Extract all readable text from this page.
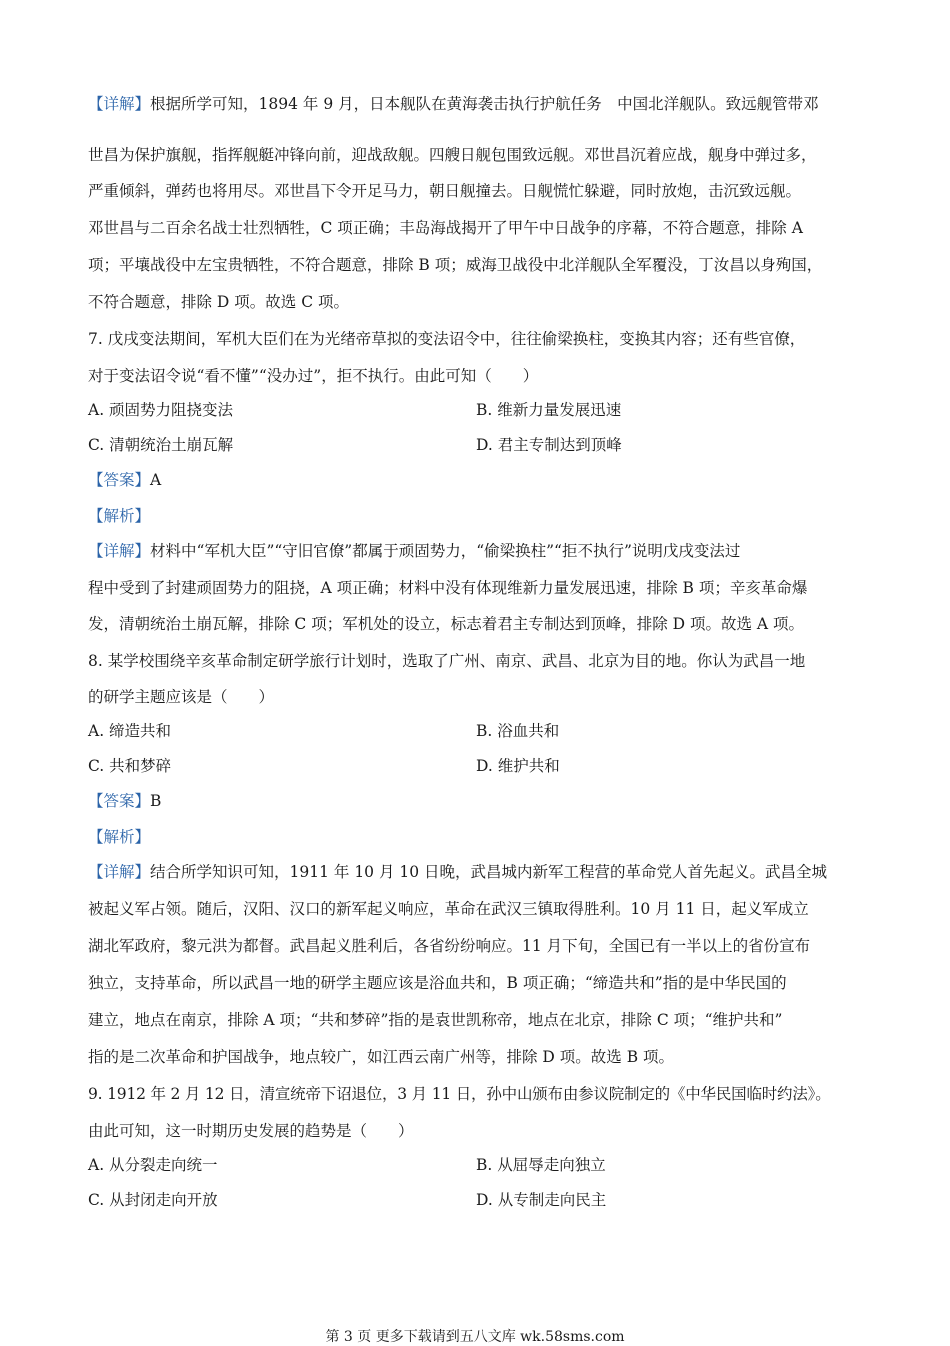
【详解】根据所学可知，1894 年 9 月，日本舰队在黄海袭击执行护航任务　中国北洋舰队。致远舰管带邓
世昌为保护旗舰，指挥舰艇冲锋向前，迎战敌舰。四艘日舰包围致远舰。邓世昌沉着应战，舰身中弹过多，
严重倾斜，弹药也将用尽。邓世昌下令开足马力，朝日舰撞去。日舰慌忙躲避，同时放炮，击沉致远舰。
邓世昌与二百余名战士壮烈牺牲，C 项正确；丰岛海战揭开了甲午中日战争的序幕，不符合题意，排除 A
项；平壤战役中左宝贵牺牲，不符合题意，排除 B 项；威海卫战役中北洋舰队全军覆没，丁汝昌以身殉国，
不符合题意，排除 D 项。故选 C 项。
7. 戊戌变法期间，军机大臣们在为光绪帝草拟的变法诏令中，往往偷梁换柱，变换其内容；还有些官僚，
对于变法诏令说“看不懂”“没办过”，拒不执行。由此可知（　　）
A. 顽固势力阻挠变法	B. 维新力量发展迅速
C. 清朝统治土崩瓦解	D. 君主专制达到顶峰
【答案】A
【解析】
【详解】材料中“军机大臣”“守旧官僚”都属于顽固势力，“偷梁换柱”“拒不执行”说明戊戌变法过
程中受到了封建顽固势力的阻挠，A 项正确；材料中没有体现维新力量发展迅速，排除 B 项；辛亥革命爆
发，清朝统治土崩瓦解，排除 C 项；军机处的设立，标志着君主专制达到顶峰，排除 D 项。故选 A 项。
8. 某学校围绕辛亥革命制定研学旅行计划时，选取了广州、南京、武昌、北京为目的地。你认为武昌一地
的研学主题应该是（　　）
A. 缔造共和	B. 浴血共和
C. 共和梦碎	D. 维护共和
【答案】B
【解析】
【详解】结合所学知识可知，1911 年 10 月 10 日晚，武昌城内新军工程营的革命党人首先起义。武昌全城
被起义军占领。随后，汉阳、汉口的新军起义响应，革命在武汉三镇取得胜利。10 月 11 日，起义军成立
湖北军政府，黎元洪为都督。武昌起义胜利后，各省纷纷响应。11 月下旬，全国已有一半以上的省份宣布
独立，支持革命，所以武昌一地的研学主题应该是浴血共和，B 项正确；“缔造共和”指的是中华民国的
建立，地点在南京，排除 A 项；“共和梦碎”指的是袁世凯称帝，地点在北京，排除 C 项；“维护共和”
指的是二次革命和护国战争，地点较广，如江西云南广州等，排除 D 项。故选 B 项。
9. 1912 年 2 月 12 日，清宣统帝下诏退位，3 月 11 日，孙中山颁布由参议院制定的《中华民国临时约法》。
由此可知，这一时期历史发展的趋势是（　　）
A. 从分裂走向统一	B. 从屈辱走向独立
C. 从封闭走向开放	D. 从专制走向民主
第 3 页 更多下载请到五八文库 wk.58sms.com
